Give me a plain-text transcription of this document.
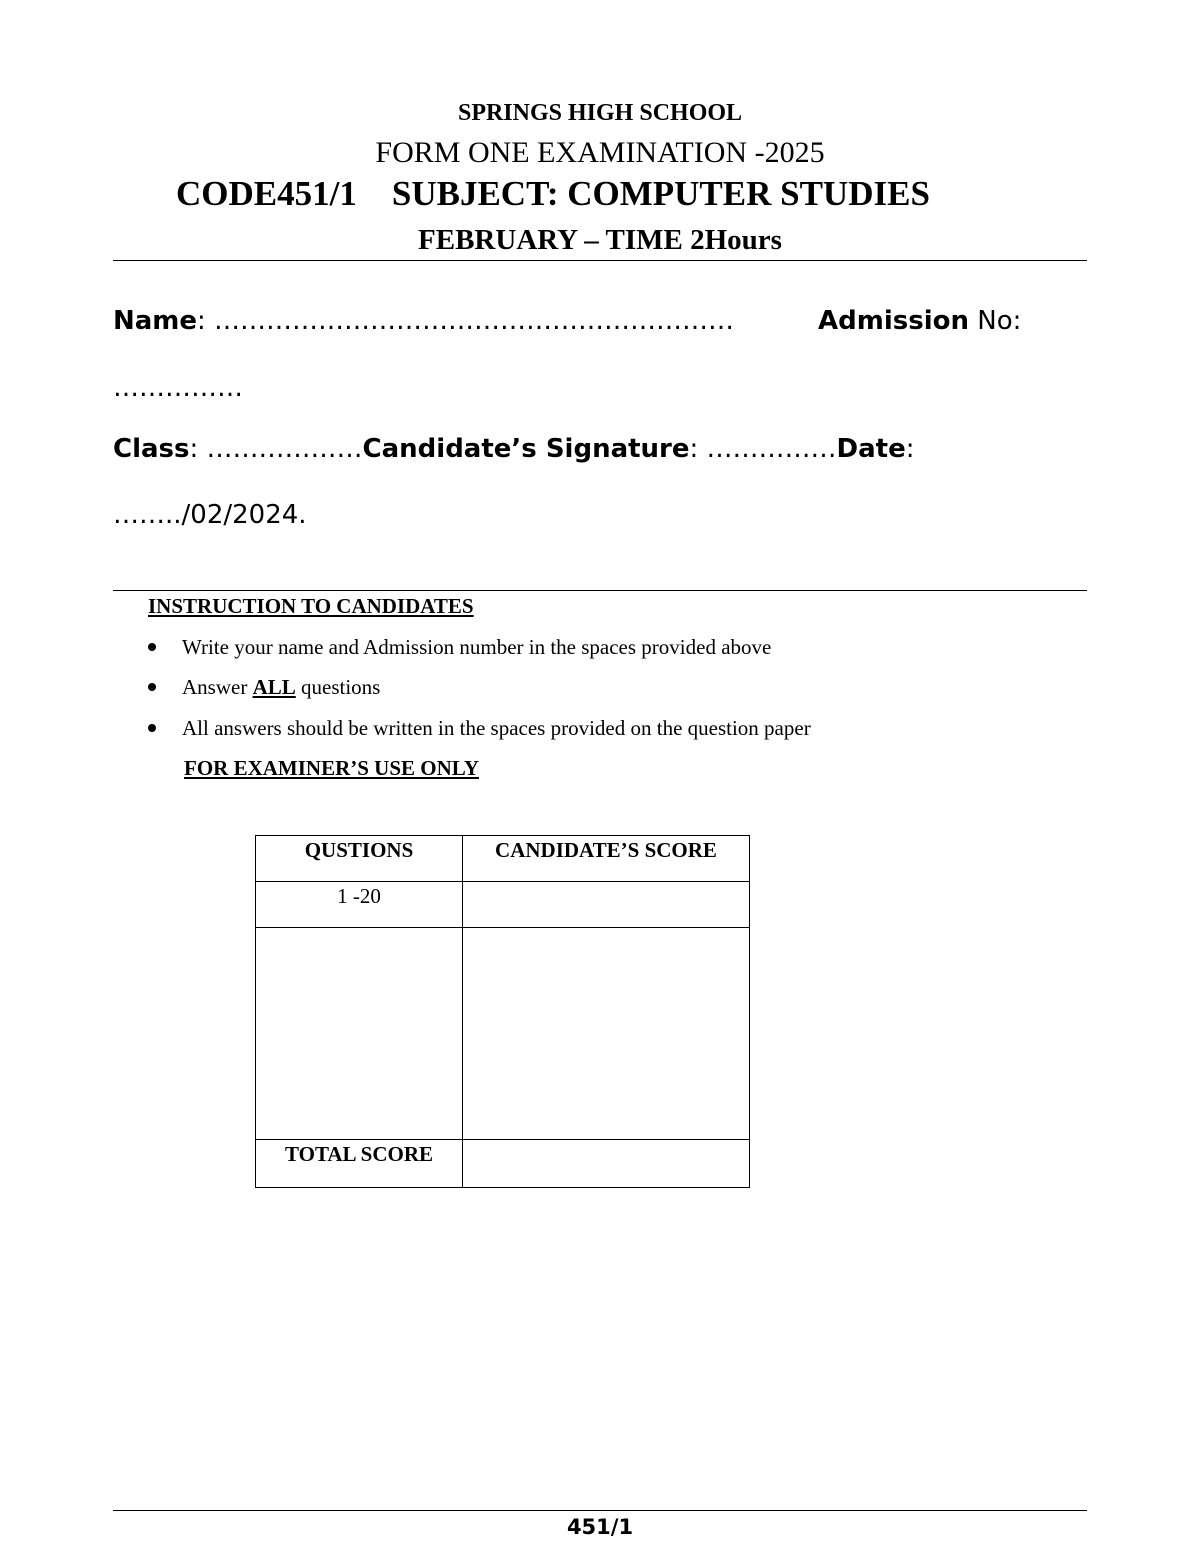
SPRINGS HIGH SCHOOL
FORM ONE EXAMINATION -2025
CODE451/1 SUBJECT: COMPUTER STUDIES
FEBRUARY – TIME 2Hours
Name: ……………………………………………………	Admission No:
……………
Class: ………………Candidate’s Signature: ……………Date:
……../02/2024.
INSTRUCTION TO CANDIDATES
Write your name and Admission number in the spaces provided above
Answer ALL questions
All answers should be written in the spaces provided on the question paper
FOR EXAMINER’S USE ONLY
QUSTIONS	CANDIDATE’S SCORE
1 -20	

TOTAL SCORE	
451/1
